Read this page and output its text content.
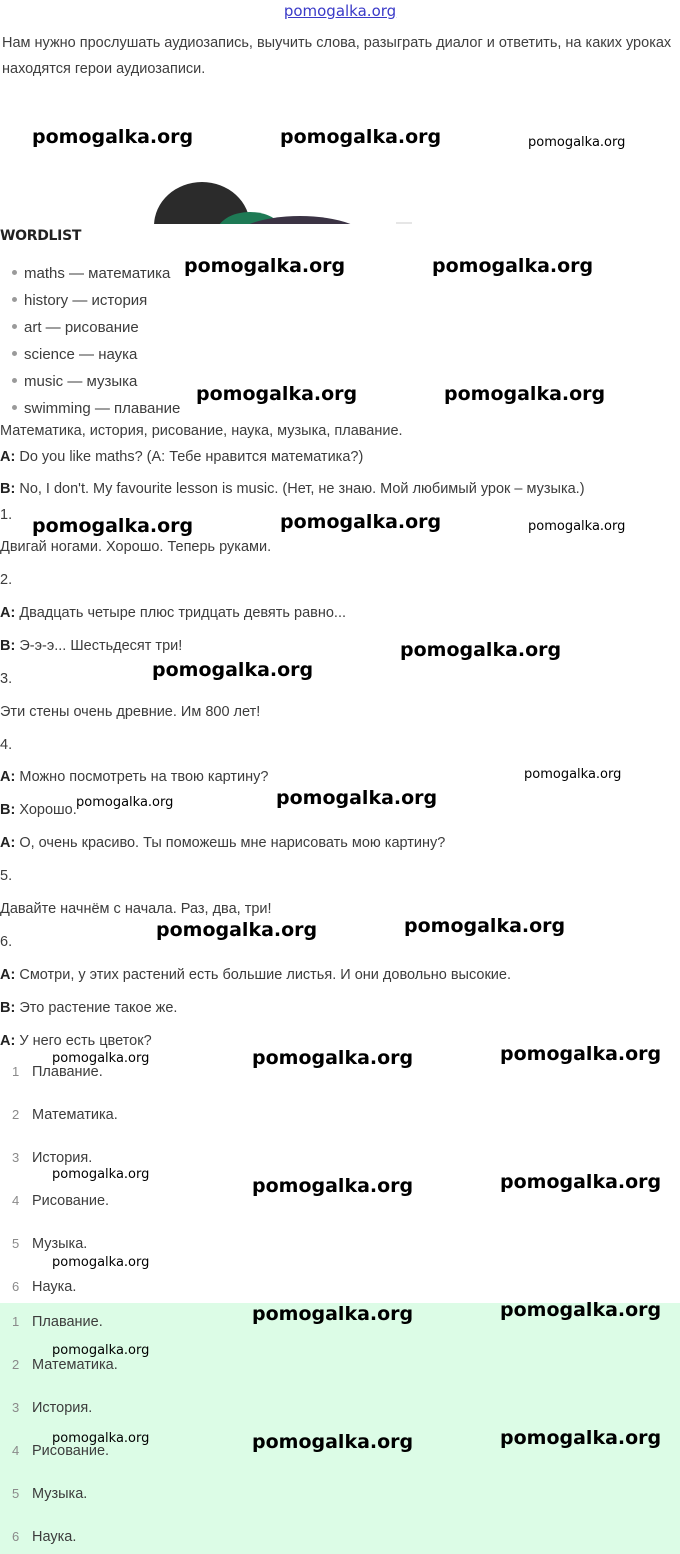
pomogalka.org
Нам нужно прослушать аудиозапись, выучить слова, разыграть диалог и ответить, на каких уроках находятся герои аудиозаписи.
WORDLIST
maths — математика
history — история
art — рисование
science — наука
music — музыка
swimming — плавание
Математика, история, рисование, наука, музыка, плавание.
A: Do you like maths? (А: Тебе нравится математика?)
B: No, I don't. My favourite lesson is music. (Нет, не знаю. Мой любимый урок – музыка.)
1.
Двигай ногами. Хорошо. Теперь руками.
2.
A: Двадцать четыре плюс тридцать девять равно...
B: Э-э-э... Шестьдесят три!
3.
Эти стены очень древние. Им 800 лет!
4.
A: Можно посмотреть на твою картину?
B: Хорошо.
A: О, очень красиво. Ты поможешь мне нарисовать мою картину?
5.
Давайте начнём с начала. Раз, два, три!
6.
A: Смотри, у этих растений есть большие листья. И они довольно высокие.
B: Это растение такое же.
A: У него есть цветок?
1 Плавание.
2 Математика.
3 История.
4 Рисование.
5 Музыка.
6 Наука.
1 Плавание.
2 Математика.
3 История.
4 Рисование.
5 Музыка.
6 Наука.
pomogalka.org	pomogalka.org	pomogalka.org
pomogalka.org	pomogalka.org
pomogalka.org	pomogalka.org
pomogalka.org	pomogalka.org	pomogalka.org
pomogalka.org
pomogalka.org
pomogalka.org
pomogalka.org
pomogalka.org
pomogalka.org
pomogalka.org
pomogalka.org
pomogalka.org
pomogalka.org
pomogalka.org	pomogalka.org
pomogalka.org
pomogalka.org
pomogalka.org
pomogalka.org
pomogalka.org
pomogalka.org	pomogalka.org
pomogalka.org
